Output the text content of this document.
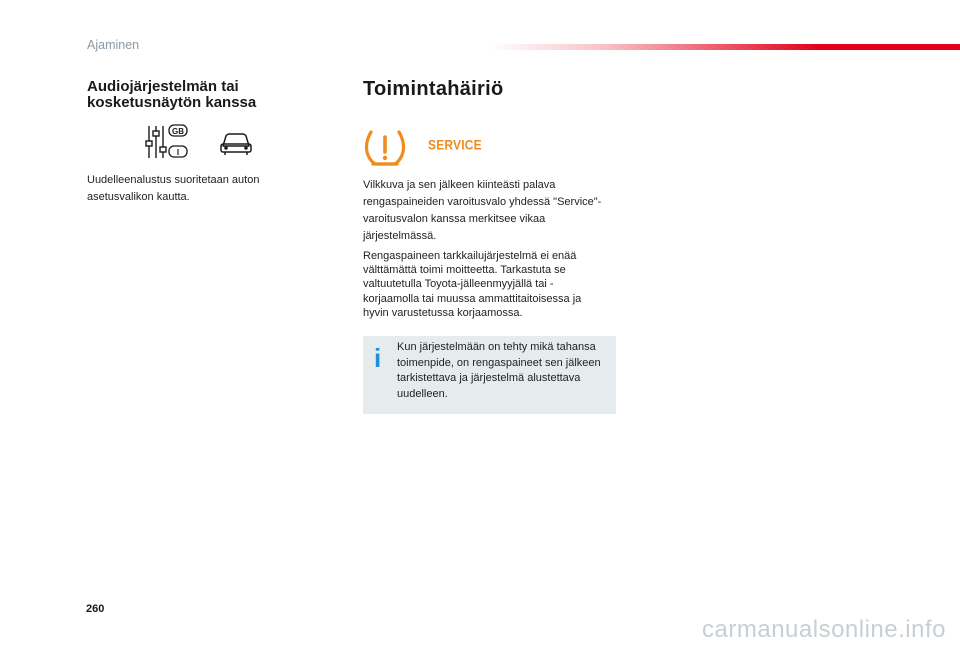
Ajaminen
Audiojärjestelmän tai kosketusnäytön kanssa
GB
I
Uudelleenalustus suoritetaan auton asetusvalikon kautta.
Toimintahäiriö
SERVICE
Vilkkuva ja sen jälkeen kiinteästi palava rengaspaineiden varoitusvalo yhdessä "Service"-varoitusvalon kanssa merkitsee vikaa järjestelmässä.
Rengaspaineen tarkkailujärjestelmä ei enää välttämättä toimi moitteetta. Tarkastuta se valtuutetulla Toyota-jälleenmyyjällä tai -korjaamolla tai muussa ammattitaitoisessa ja hyvin varustetussa korjaamossa.
i Kun järjestelmään on tehty mikä tahansa toimenpide, on rengaspaineet sen jälkeen tarkistettava ja järjestelmä alustettava uudelleen.
260
carmanualsonline.info
